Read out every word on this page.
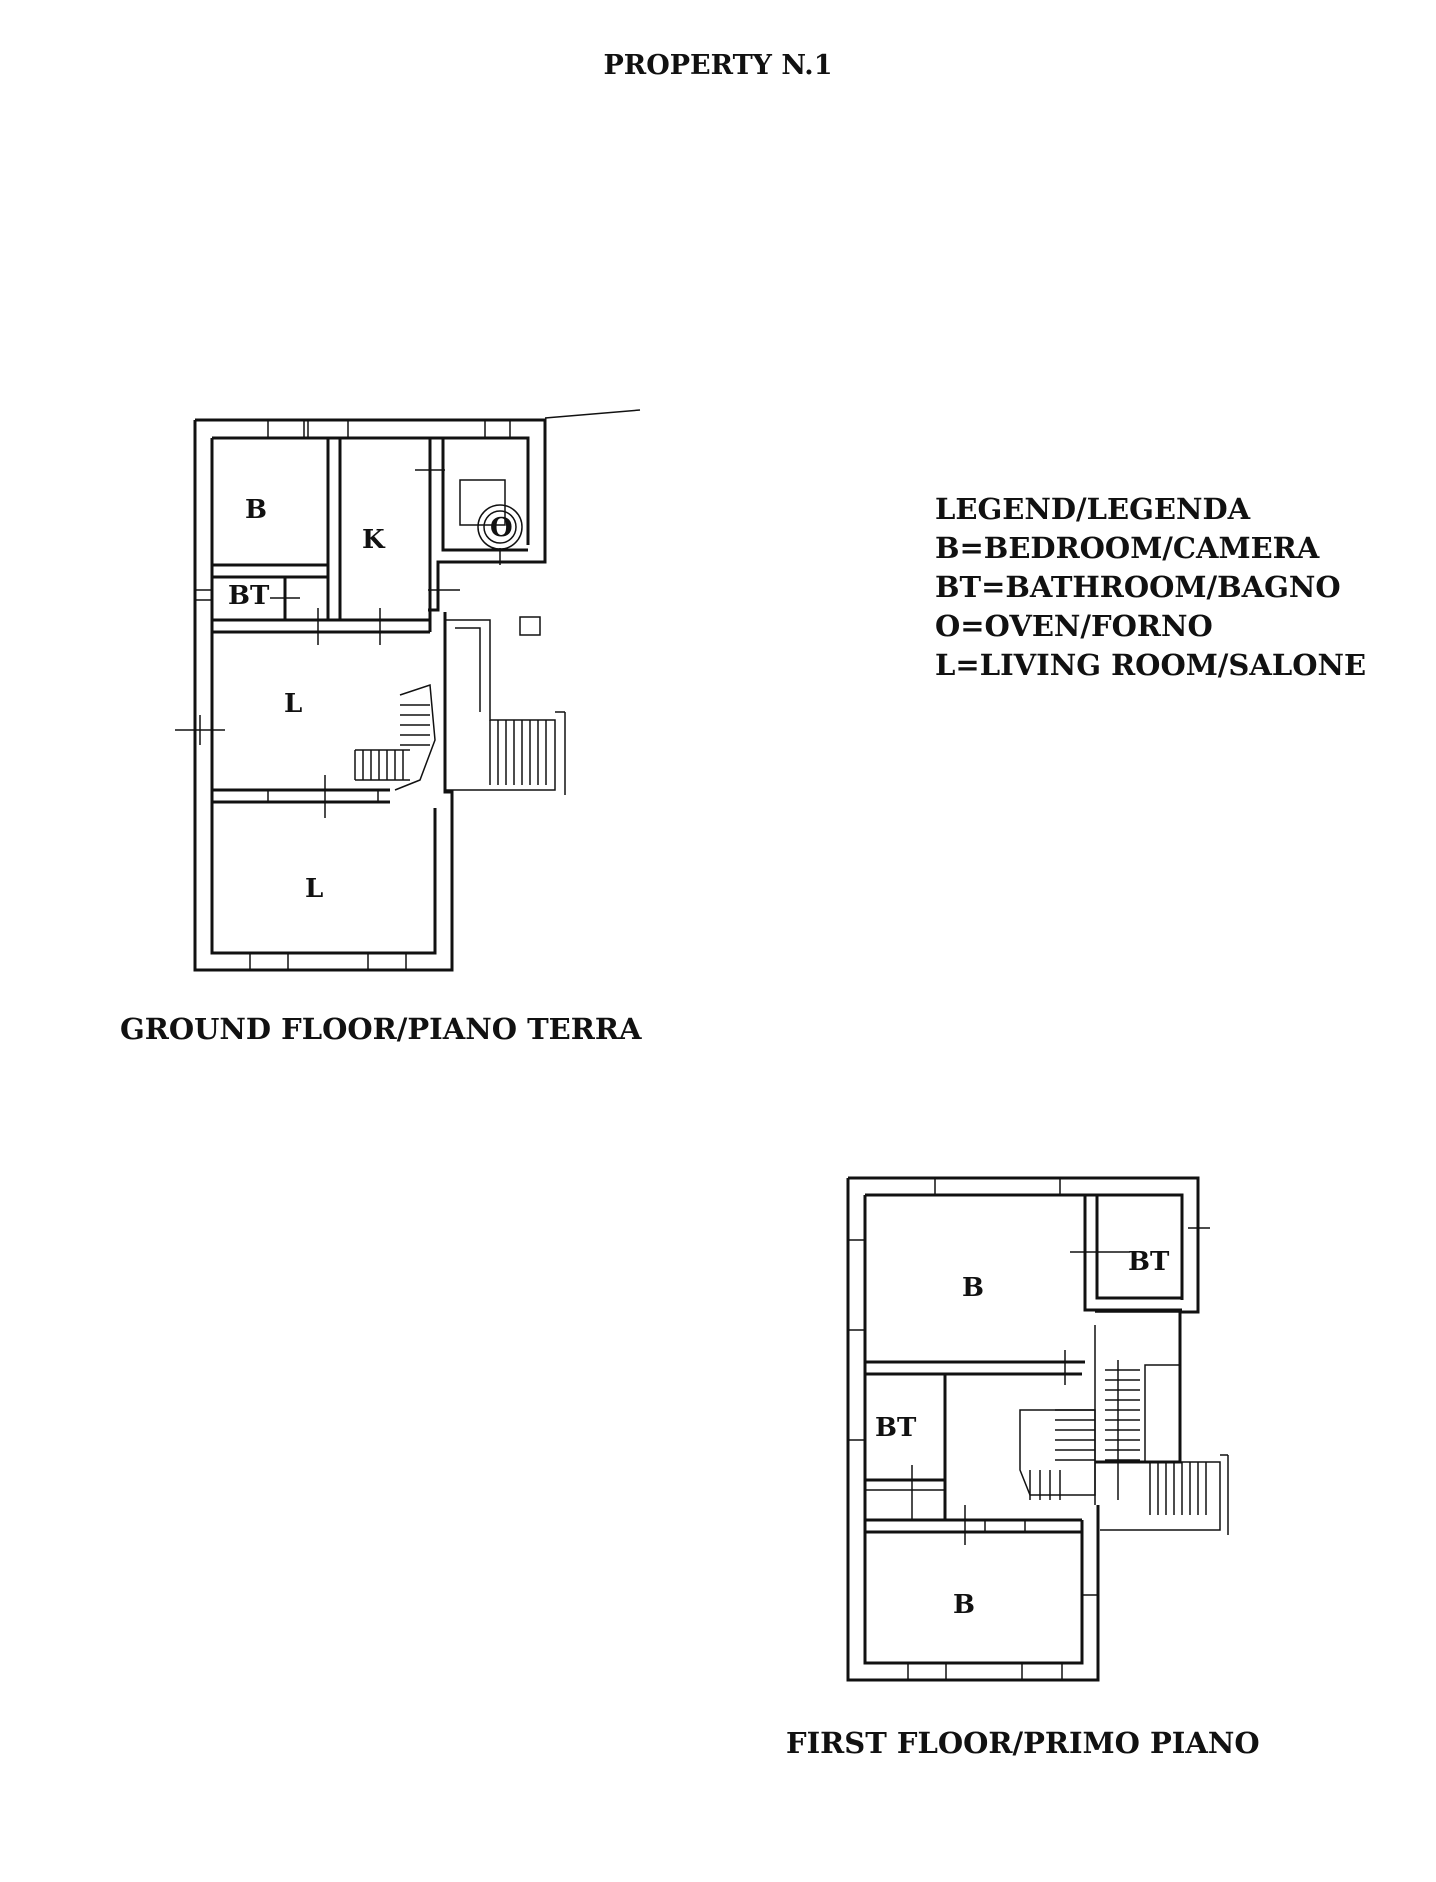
PROPERTY N.1
LEGEND/LEGENDA
B=BEDROOM/CAMERA
BT=BATHROOM/BAGNO
O=OVEN/FORNO
L=LIVING ROOM/SALONE
B
K	O
BT
L
L
B
BT
BT
B
GROUND FLOOR/PIANO TERRA
FIRST FLOOR/PRIMO PIANO
